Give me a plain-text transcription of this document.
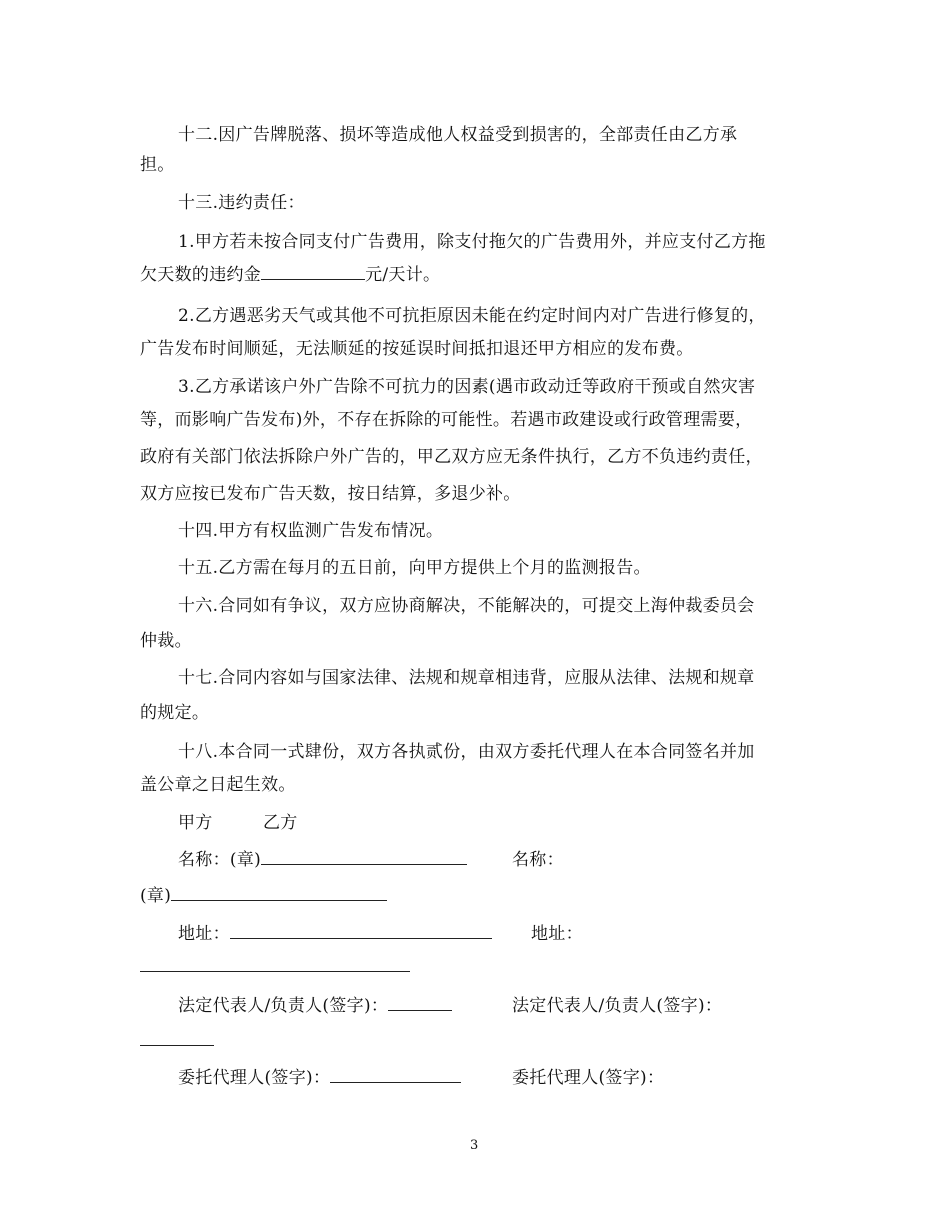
十二.因广告牌脱落、损坏等造成他人权益受到损害的，全部责任由乙方承
担。
十三.违约责任：
1.甲方若未按合同支付广告费用，除支付拖欠的广告费用外，并应支付乙方拖
欠天数的违约金	元/天计。
2.乙方遇恶劣天气或其他不可抗拒原因未能在约定时间内对广告进行修复的，
广告发布时间顺延，无法顺延的按延误时间抵扣退还甲方相应的发布费。
3.乙方承诺该户外广告除不可抗力的因素(遇市政动迁等政府干预或自然灾害
等，而影响广告发布)外，不存在拆除的可能性。若遇市政建设或行政管理需要，
政府有关部门依法拆除户外广告的，甲乙双方应无条件执行，乙方不负违约责任，
双方应按已发布广告天数，按日结算，多退少补。
十四.甲方有权监测广告发布情况。
十五.乙方需在每月的五日前，向甲方提供上个月的监测报告。
十六.合同如有争议，双方应协商解决，不能解决的，可提交上海仲裁委员会
仲裁。
十七.合同内容如与国家法律、法规和规章相违背，应服从法律、法规和规章
的规定。
十八.本合同一式肆份，双方各执贰份，由双方委托代理人在本合同签名并加
盖公章之日起生效。
甲方	乙方
名称：(章)	名称：
(章)
地址：	地址：
法定代表人/负责人(签字)：	法定代表人/负责人(签字)：
委托代理人(签字)：	委托代理人(签字)：
3
